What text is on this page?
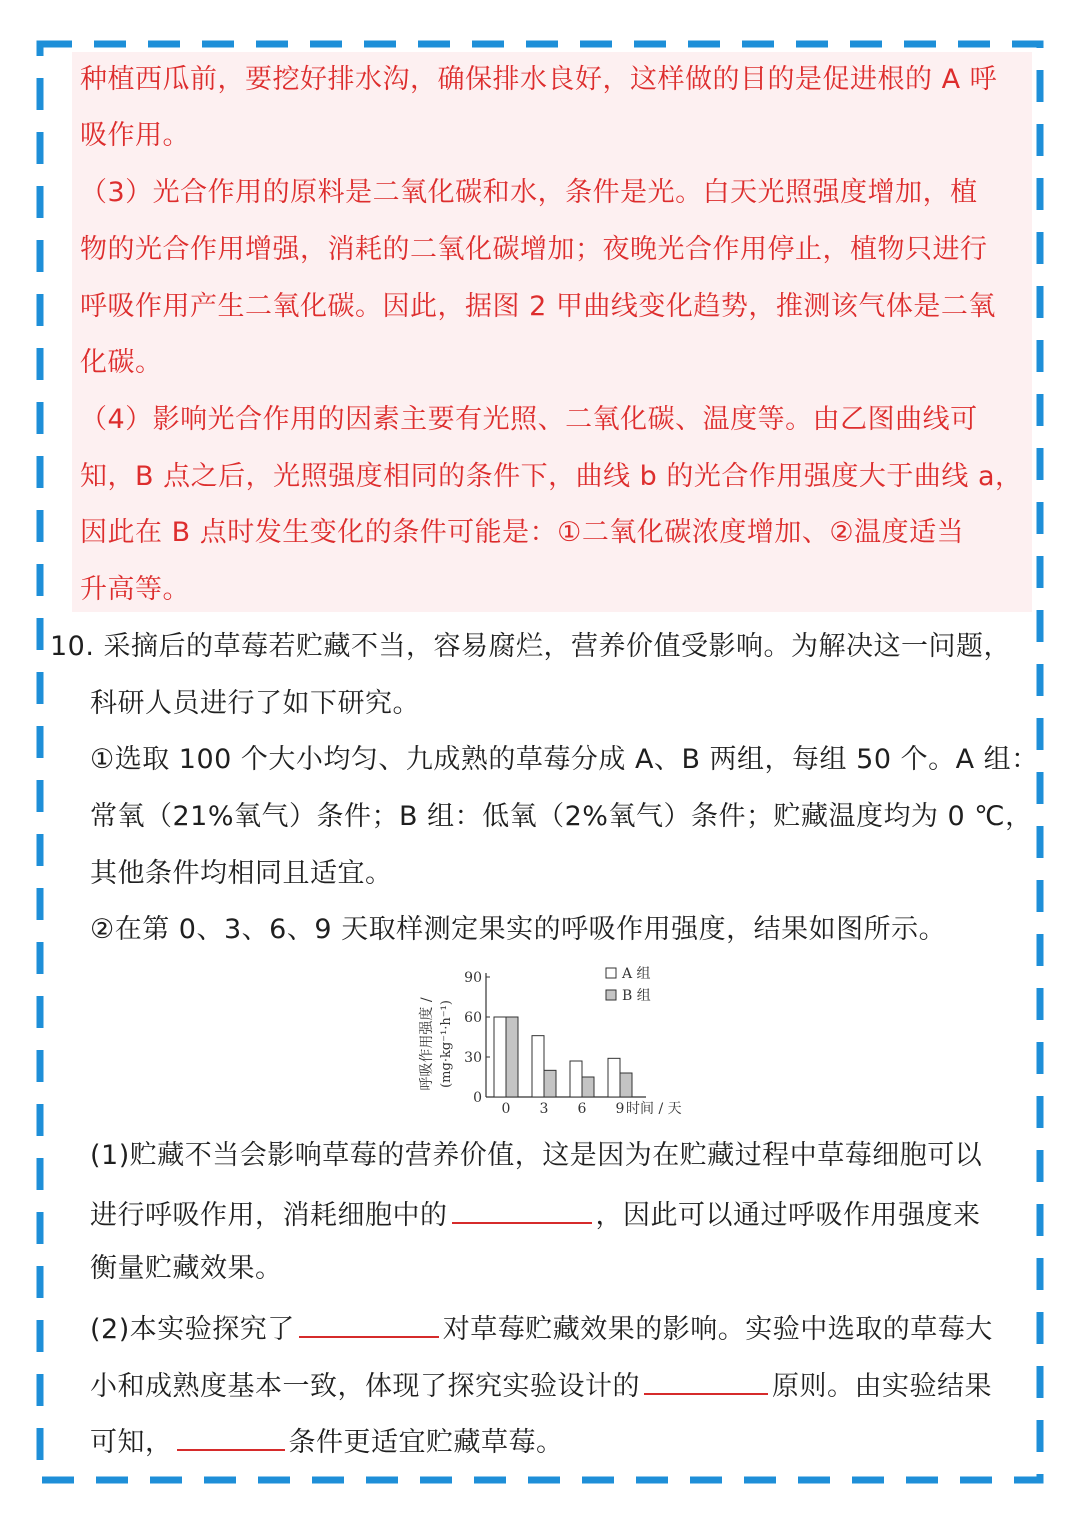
种植西瓜前，要挖好排水沟，确保排水良好，这样做的目的是促进根的 A 呼
吸作用。
（3）光合作用的原料是二氧化碳和水，条件是光。白天光照强度增加，植
物的光合作用增强，消耗的二氧化碳增加；夜晚光合作用停止，植物只进行
呼吸作用产生二氧化碳。因此，据图 2 甲曲线变化趋势，推测该气体是二氧
化碳。
（4）影响光合作用的因素主要有光照、二氧化碳、温度等。由乙图曲线可
知，B 点之后，光照强度相同的条件下，曲线 b 的光合作用强度大于曲线 a，
因此在 B 点时发生变化的条件可能是：①二氧化碳浓度增加、②温度适当
升高等。
10. 采摘后的草莓若贮藏不当，容易腐烂，营养价值受影响。为解决这一问题，
科研人员进行了如下研究。
①选取 100 个大小均匀、九成熟的草莓分成 A、B 两组，每组 50 个。A 组：
常氧（21%氧气）条件；B 组：低氧（2%氧气）条件；贮藏温度均为 0 ℃，
其他条件均相同且适宜。
②在第 0、3、6、9 天取样测定果实的呼吸作用强度，结果如图所示。
呼吸作用强度 / (mg·kg⁻¹·h⁻¹)
0
30
60
90
0 3 6 9 时间 / 天
A 组
B 组
(1)贮藏不当会影响草莓的营养价值，这是因为在贮藏过程中草莓细胞可以
进行呼吸作用，消耗细胞中的	，因此可以通过呼吸作用强度来
衡量贮藏效果。
(2)本实验探究了	对草莓贮藏效果的影响。实验中选取的草莓大
小和成熟度基本一致，体现了探究实验设计的	原则。由实验结果
可知，	条件更适宜贮藏草莓。
